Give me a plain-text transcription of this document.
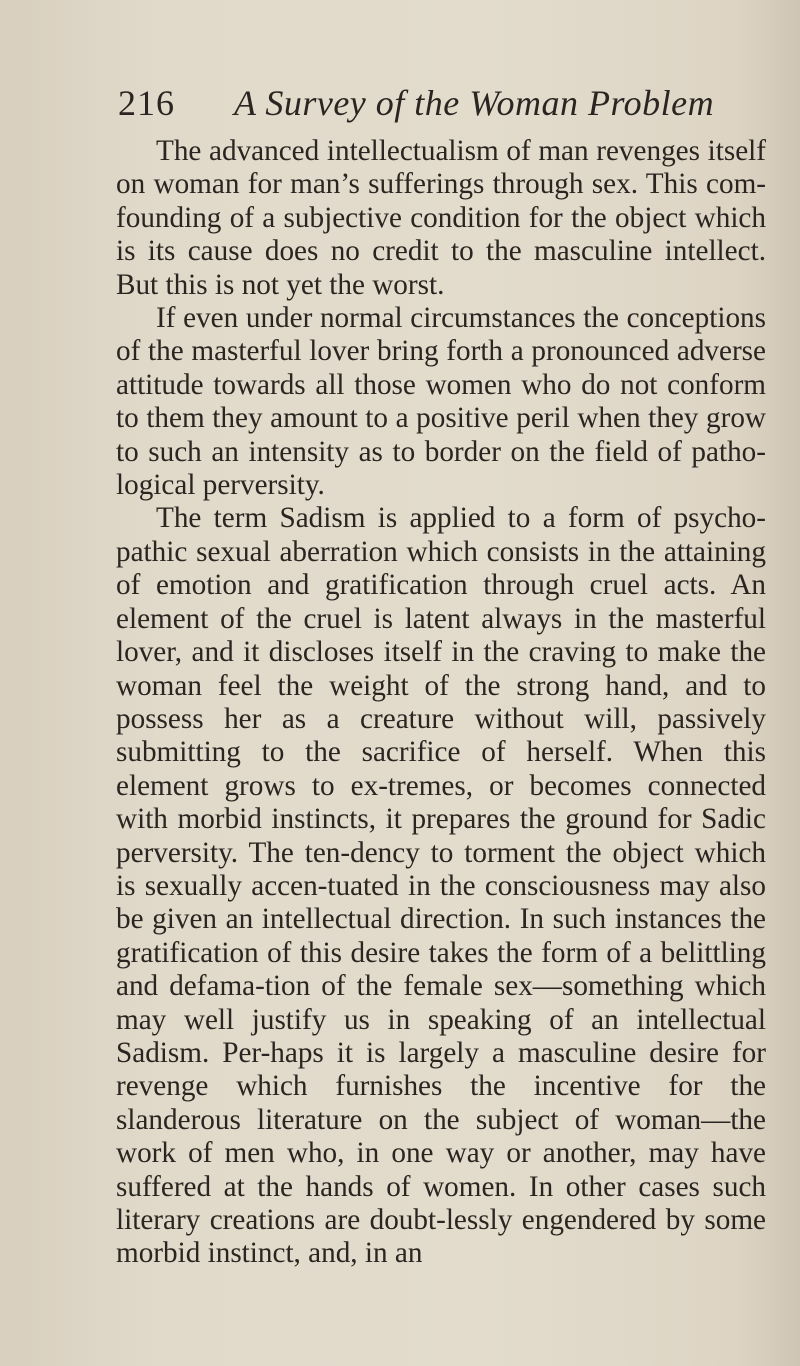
216 A Survey of the Woman Problem

The advanced intellectualism of man revenges itself on woman for man’s sufferings through sex. This com-founding of a subjective condition for the object which is its cause does no credit to the masculine intellect. But this is not yet the worst.

If even under normal circumstances the conceptions of the masterful lover bring forth a pronounced adverse attitude towards all those women who do not conform to them they amount to a positive peril when they grow to such an intensity as to border on the field of patho-logical perversity.

The term Sadism is applied to a form of psycho-pathic sexual aberration which consists in the attaining of emotion and gratification through cruel acts. An element of the cruel is latent always in the masterful lover, and it discloses itself in the craving to make the woman feel the weight of the strong hand, and to possess her as a creature without will, passively submitting to the sacrifice of herself. When this element grows to ex-tremes, or becomes connected with morbid instincts, it prepares the ground for Sadic perversity. The ten-dency to torment the object which is sexually accen-tuated in the consciousness may also be given an intellectual direction. In such instances the gratification of this desire takes the form of a belittling and defama-tion of the female sex—something which may well justify us in speaking of an intellectual Sadism. Per-haps it is largely a masculine desire for revenge which furnishes the incentive for the slanderous literature on the subject of woman—the work of men who, in one way or another, may have suffered at the hands of women. In other cases such literary creations are doubt-lessly engendered by some morbid instinct, and, in an
